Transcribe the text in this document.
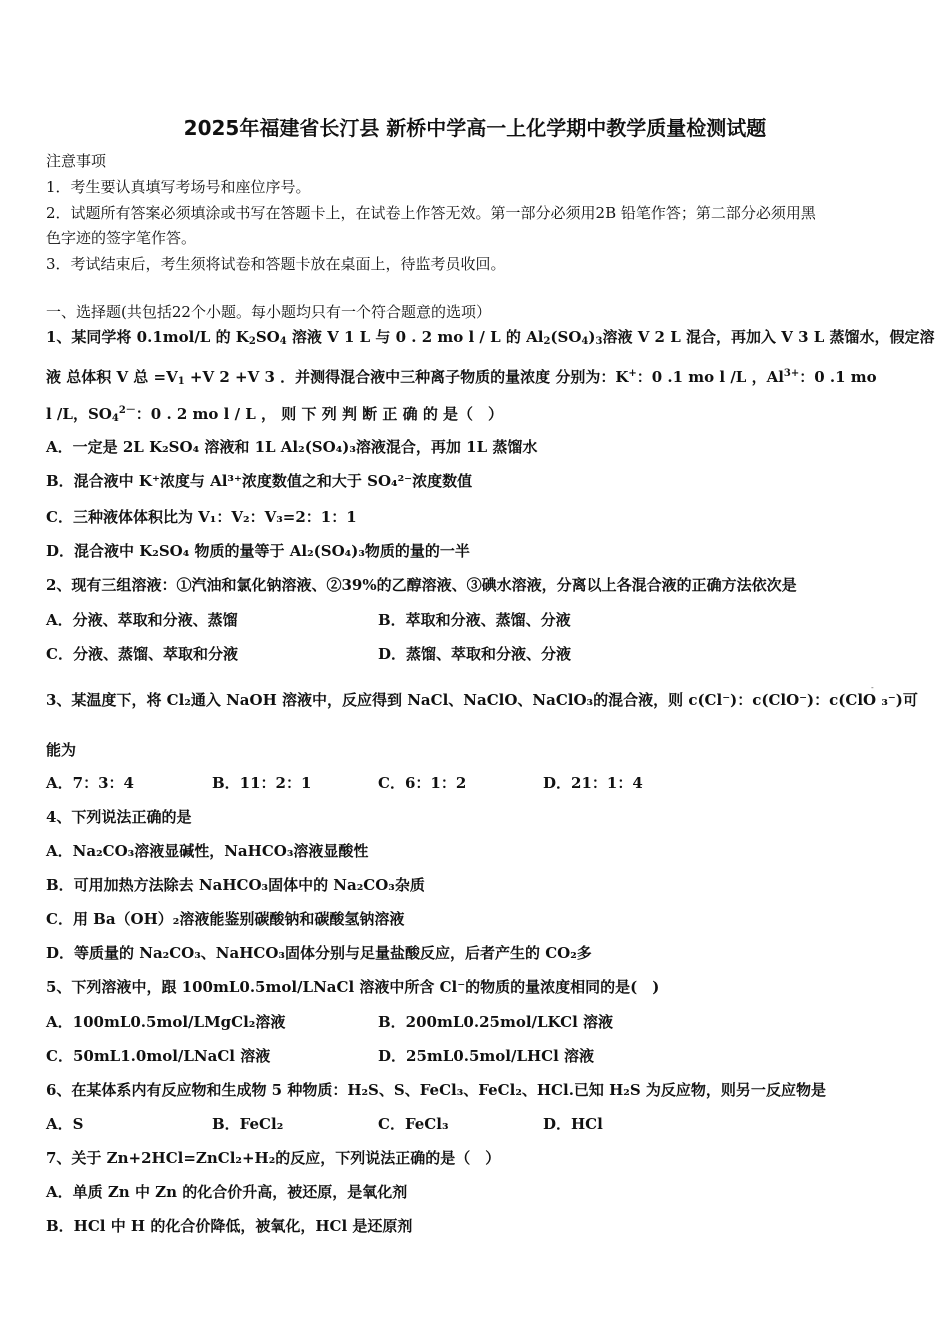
2025年福建省长汀县 新桥中学高一上化学期中教学质量检测试题
注意事项
1．考生要认真填写考场号和座位序号。
2．试题所有答案必须填涂或书写在答题卡上，在试卷上作答无效。第一部分必须用2B 铅笔作答；第二部分必须用黑
色字迹的签字笔作答。
3．考试结束后，考生须将试卷和答题卡放在桌面上，待监考员收回。
一、选择题(共包括22个小题。每小题均只有一个符合题意的选项）
1、某同学将 0.1mol/L 的 $K_2SO_4$ 溶液 V 1 L 与 0 . 2 mo l / L 的 $Al_2(SO_4)_3$溶液 V 2 L 混合，再加入 V 3 L 蒸馏水，假定溶
液 总体积 V 总 $=V_1 +V$ 2 +V 3 ．并测得混合液中三种离子物质的量浓度 分别为：K+：0 .1 mo l /L ，$Al^{3+}$：0 .1 mo
l /L，$SO_4^{2-}$：0 . 2 mo l / L ， 则 下 列 判 断 正 确 的 是（　）
A．一定是 2L K₂SO₄ 溶液和 1L Al₂(SO₄)₃溶液混合，再加 1L 蒸馏水
B．混合液中 K⁺浓度与 Al³⁺浓度数值之和大于 SO₄²⁻浓度数值
C．三种液体体积比为 V₁：V₂：V₃=2：1：1
D．混合液中 K₂SO₄ 物质的量等于 Al₂(SO₄)₃物质的量的一半
2、现有三组溶液：①汽油和氯化钠溶液、②39%的乙醇溶液、③碘水溶液，分离以上各混合液的正确方法依次是
A．分液、萃取和分液、蒸馏	B．萃取和分液、蒸馏、分液
C．分液、蒸馏、萃取和分液	D．蒸馏、萃取和分液、分液
-
3、某温度下，将 Cl₂通入 NaOH 溶液中，反应得到 NaCl、NaClO、NaClO₃的混合液，则 c(Cl⁻)：c(ClO⁻)：c(ClO ₃⁻)可
能为
A．7：3：4	B．11：2：1	C．6：1：2	D．21：1：4
4、下列说法正确的是
A．Na₂CO₃溶液显碱性，NaHCO₃溶液显酸性
B．可用加热方法除去 NaHCO₃固体中的 Na₂CO₃杂质
C．用 Ba（OH）₂溶液能鉴别碳酸钠和碳酸氢钠溶液
D．等质量的 Na₂CO₃、NaHCO₃固体分别与足量盐酸反应，后者产生的 CO₂多
5、下列溶液中，跟 100mL0.5mol/LNaCl 溶液中所含 Cl⁻的物质的量浓度相同的是(　)
A．100mL0.5mol/LMgCl₂溶液	B．200mL0.25mol/LKCl 溶液
C．50mL1.0mol/LNaCl 溶液	D．25mL0.5mol/LHCl 溶液
6、在某体系内有反应物和生成物 5 种物质：H₂S、S、FeCl₃、FeCl₂、HCl.已知 H₂S 为反应物，则另一反应物是
A．S	B．FeCl₂	C．FeCl₃	D．HCl
7、关于 Zn+2HCl=ZnCl₂+H₂的反应，下列说法正确的是（　）
A．单质 Zn 中 Zn 的化合价升高，被还原，是氧化剂
B．HCl 中 H 的化合价降低，被氧化，HCl 是还原剂
